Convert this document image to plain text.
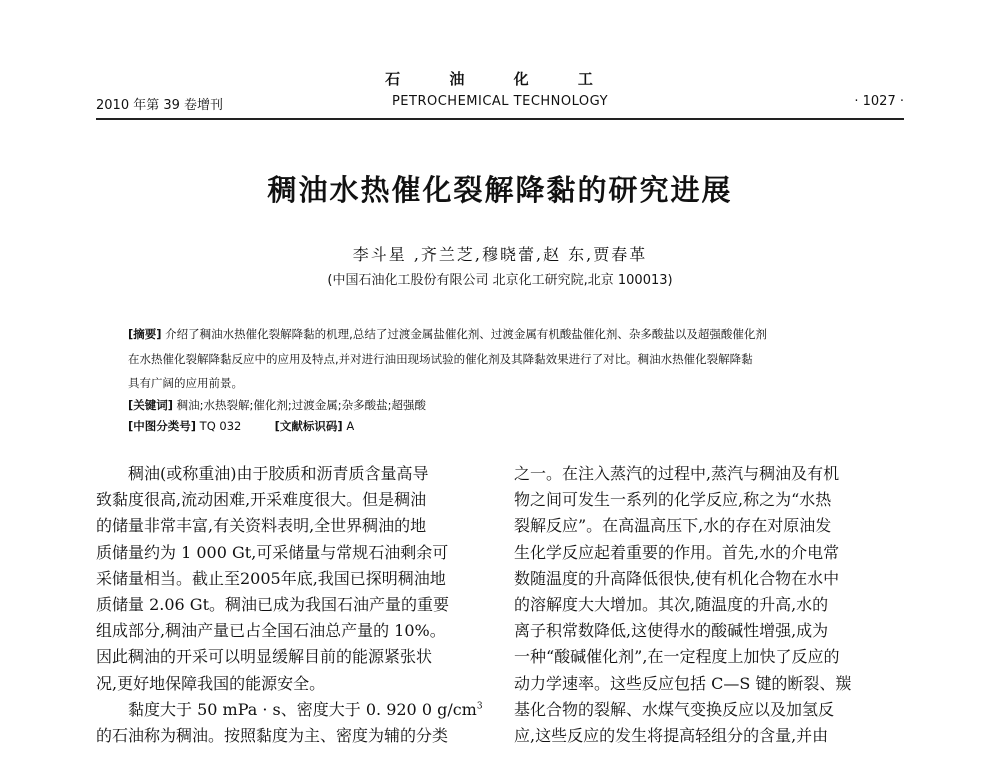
石 油 化 工
PETROCHEMICAL TECHNOLOGY
2010 年第 39 卷增刊	· 1027 ·
稠油水热催化裂解降黏的研究进展
李斗星 ,齐兰芝,穆晓蕾,赵 东,贾春革
(中国石油化工股份有限公司 北京化工研究院,北京 100013)
[摘要] 介绍了稠油水热催化裂解降黏的机理,总结了过渡金属盐催化剂、过渡金属有机酸盐催化剂、杂多酸盐以及超强酸催化剂
在水热催化裂解降黏反应中的应用及特点,并对进行油田现场试验的催化剂及其降黏效果进行了对比。稠油水热催化裂解降黏
具有广阔的应用前景。
[关键词] 稠油;水热裂解;催化剂;过渡金属;杂多酸盐;超强酸
[中图分类号] TQ 032	[文献标识码] A
稠油(或称重油)由于胶质和沥青质含量高导
致黏度很高,流动困难,开采难度很大。但是稠油
的储量非常丰富,有关资料表明,全世界稠油的地
质储量约为 1 000 Gt,可采储量与常规石油剩余可
采储量相当。截止至2005年底,我国已探明稠油地
质储量 2.06 Gt。稠油已成为我国石油产量的重要
组成部分,稠油产量已占全国石油总产量的 10%。
因此稠油的开采可以明显缓解目前的能源紧张状
况,更好地保障我国的能源安全。
黏度大于 50 mPa · s、密度大于 0. 920 0 $g/cm^3$
的石油称为稠油。按照黏度为主、密度为辅的分类
之一。在注入蒸汽的过程中,蒸汽与稠油及有机
物之间可发生一系列的化学反应,称之为“水热
裂解反应”。在高温高压下,水的存在对原油发
生化学反应起着重要的作用。首先,水的介电常
数随温度的升高降低很快,使有机化合物在水中
的溶解度大大增加。其次,随温度的升高,水的
离子积常数降低,这使得水的酸碱性增强,成为
一种“酸碱催化剂”,在一定程度上加快了反应的
动力学速率。这些反应包括 C—S 键的断裂、羰
基化合物的裂解、水煤气变换反应以及加氢反
应,这些反应的发生将提高轻组分的含量,并由
